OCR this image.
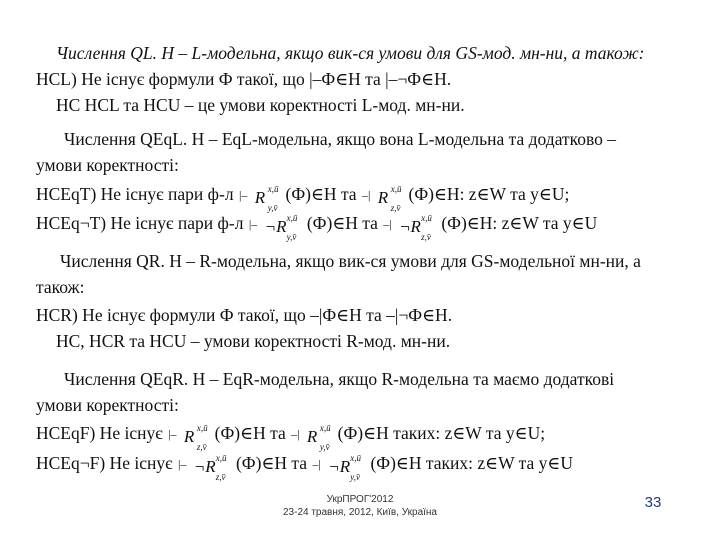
Числення QL. H – L-модельна, якщо вик-ся умови для GS-мод. мн-ни, а також:
HCL) Не існує формули Ф такої, що |–Ф∈H та |–¬Ф∈H.
HC HCL та HCU – це умови коректності L-мод. мн-ни.
Числення QEqL. H – EqL-модельна, якщо вона L-модельна та додатково –
умови коректності:
HCEqT) Не існує пари ф-л |– R x,ū
y,v̄
(Ф)∈H та –| R x,ū
z,v̄
(Ф)∈H: z∈W та y∈U;
HCEq¬T) Не існує пари ф-л |– ¬R x,ū
y,v̄
(Ф)∈H та –| ¬R x,ū
z,v̄
(Ф)∈H: z∈W та y∈U
Числення QR. H – R-модельна, якщо вик-ся умови для GS-модельної мн-ни, а
також:
HCR) Не існує формули Ф такої, що –|Ф∈H та –|¬Ф∈H.
HC, HCR та HCU – умови коректності R-мод. мн-ни.
Числення QEqR. H – EqR-модельна, якщо R-модельна та маємо додаткові
умови коректності:
HCEqF) Не існує |– R x,ū
z,v̄
(Ф)∈H та –| R x,ū
y,v̄
(Ф)∈H таких: z∈W та y∈U;
HCEq¬F) Не існує |– ¬R x,ū
z,v̄
(Ф)∈H та –| ¬R x,ū
y,v̄
(Ф)∈H таких: z∈W та y∈U
УкрПРОГ'2012
23-24 травня, 2012, Київ, Україна
33
